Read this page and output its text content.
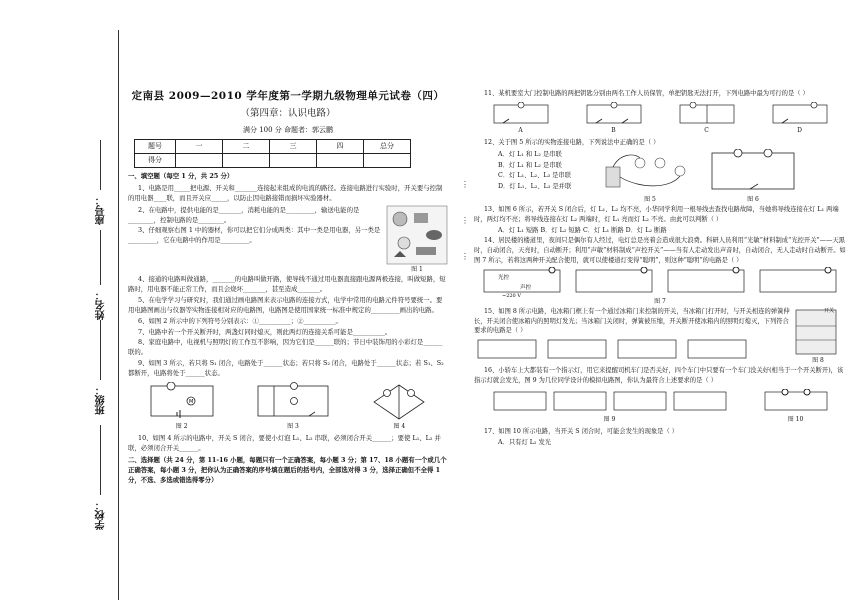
学校：
班级：
姓名：
座号：
定南县 2009—2010 学年度第一学期九级物理单元试卷（四）
（第四章：认识电路）
满分 100 分 命题者：郭云鹏
题号	一	二	三	四	总分
得分					
一、填空题（每空 1 分，共 25 分）
1、电路是用_____把电源、开关和_______连接起来组成的电流的路径。连接电路进行实验时，开关要与控制的用电器____联，而且开关应_____，以防止因电路接错而损坏实验器材。
2、在电路中，提供电能的是_______，消耗电能的是_________，输送电能的是________，控制电路的是________。
3、仔细观察右图 1 中的器材，你可以把它们分成两类：其中一类是用电器，另一类是_________，它在电路中的作用是_________。
图 1
4、接通的电路叫做通路，_______的电路叫做开路，使导线不通过用电器直接跟电源两极连接，叫做短路，短路时，用电器不能正常工作，而且会烧坏_______，甚至造成_______。
5、在电学学习与研究时，我们通过画电路图来表示电路的连接方式，电学中常用的电路元件符号要统一。要用电路图画出与仪器等实物连接相对应的电路图，电路图是使用国家统一标准中规定的_________画出的电路。
6、如图 2 所示中的下列符号分别表示：①__________；②__________。
7、电路中若一个开关断开时，两盏灯同时熄灭，则此两灯的连接关系可能是__________。
8、家庭电路中，电视机与照明灯的工作互不影响，因为它们是______联的；节日中装饰用的小彩灯是______联的。
9、如图 3 所示，若只将 S₁ 闭合，电路处于______状态；若只将 S₂ 闭合，电路处于______状态；若 S₁、S₂ 都断开，电路将处于______状态。
M
图 2	图 3	图 4
10、如图 4 所示的电路中，开关 S 闭合，要使小灯泡 L₁、L₂ 串联，必须闭合开关______；要使 L₁、L₂ 并联，必须闭合开关______。
二、选择题（共 24 分，第 11-16 小题，每题只有一个正确答案，每小题 3 分；第 17、18 小题有一个或几个正确答案，每小题 3 分，把你认为正确答案的序号填在题后的括号内，全部选对得 3 分，选择正确但不全得 1 分，不选、多选或错选得零分）
⋮

⋮

⋮
11、某机要室大门控制电路的两把钥匙分别由两名工作人员保管，单把钥匙无法打开，下列电路中最为可行的是（ ）
A	B	C	D
12、关于图 5 所示的实物连接电路，下列说法中正确的是（ ）
A．灯 L₁ 和 L₂ 是串联
B．灯 L₁ 和 L₂ 是串联
C．灯 L₁、L₂、L₃ 是串联
D．灯 L₁、L₂、L₃ 是并联
图 5	图 6
13、如图 6 所示，若开关 S 闭合后，灯 L₁、L₂ 均不亮，小华同学利用一根导线去查找电路故障，当她将导线连接在灯 L₁ 两端时，两灯均不亮；将导线连接在灯 L₂ 两端时，灯 L₁ 亮而灯 L₂ 不亮。由此可以判断（ ）
A．灯 L₁ 短路 B．灯 L₂ 短路 C．灯 L₁ 断路 D．灯 L₂ 断路
14、居民楼的楼道里，夜间只是偶尔有人经过，电灯总是亮着会造成很大浪费。科研人员利用“光敏”材料制成“光控开关”——天黑时，自动闭合，天亮时，自动断开；利用“声敏”材料制成“声控开关”——当有人走动发出声音时，自动闭合，无人走动时自动断开。如图 7 所示，若将这两种开关配合使用，就可以使楼道灯变得“聪明”，则这种“聪明”的电路是（ ）
光控
声控
~220 V
图 7
15、如图 8 所示电路，电冰箱门框上有一个通过冰箱门来控制的开关，当冰箱门打开时，与开关相连的弹簧伸长，开关闭合使冰箱内的照明灯发光；当冰箱门关闭时，弹簧被压缩，开关断开使冰箱内的照明灯熄灭，下列符合要求的电路是（ ）
开关
图 8
16、小轿车上大都装有一个指示灯，用它来提醒司机车门是否关好，四个车门中只要有一个车门没关好(相当于一个开关断开)，该指示灯就会发光，图 9 为几位同学设计的模拟电路图，你认为最符合上述要求的是（ ）
图 9	图 10
17、如图 10 所示电路，当开关 S 闭合时，可能会发生的现象是（ ）
A．只有灯 L₂ 发光
